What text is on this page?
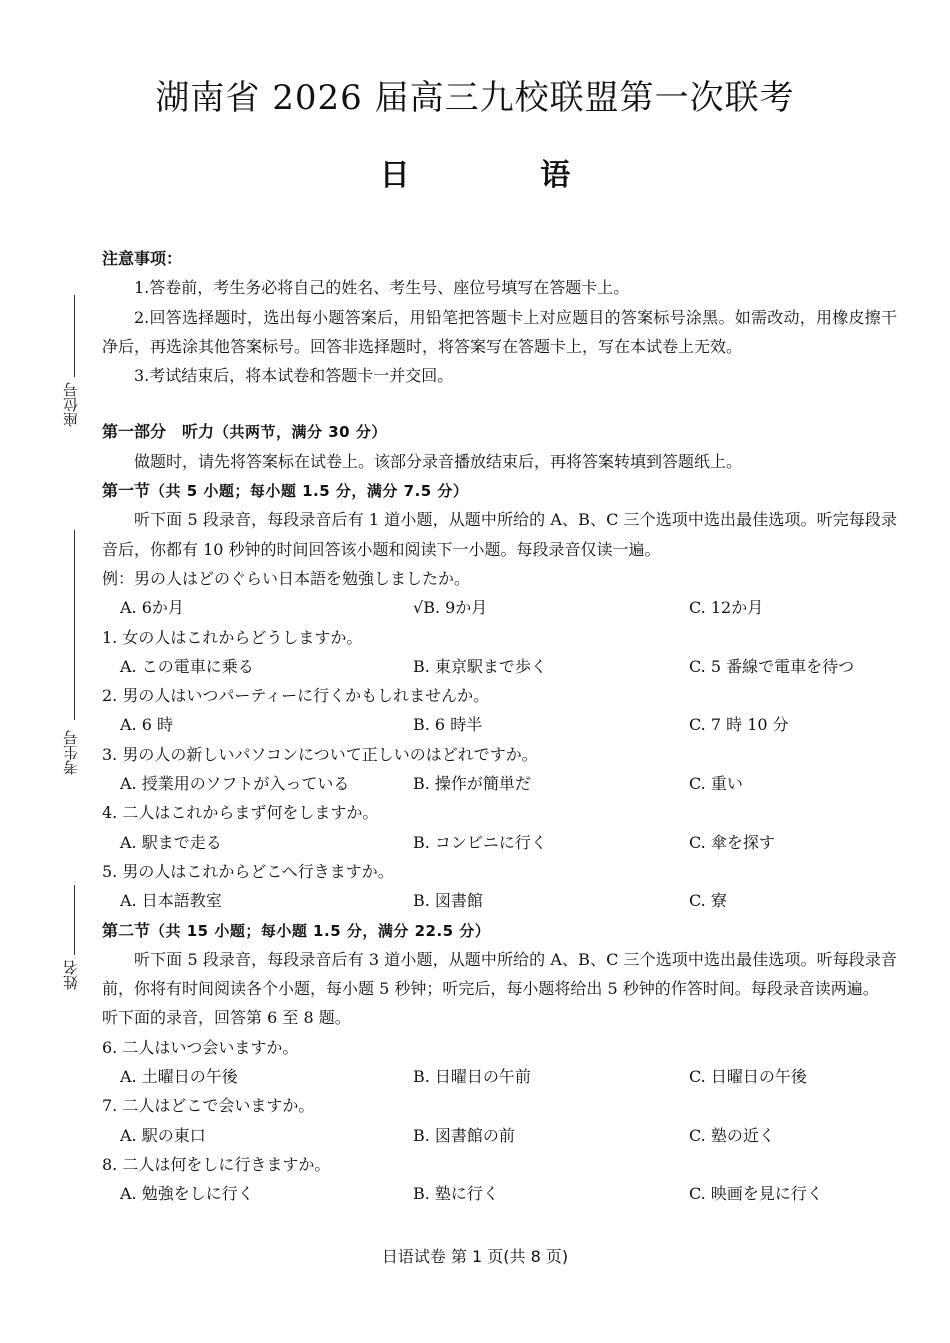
湖南省 2026 届高三九校联盟第一次联考
日 语
座位号
考生号
姓名
注意事项：
1.答卷前，考生务必将自己的姓名、考生号、座位号填写在答题卡上。
2.回答选择题时，选出每小题答案后，用铅笔把答题卡上对应题目的答案标号涂黑。如需改动，用橡皮擦干净后，再选涂其他答案标号。回答非选择题时，将答案写在答题卡上，写在本试卷上无效。
3.考试结束后，将本试卷和答题卡一并交回。
第一部分　听力（共两节，满分 30 分）
做题时，请先将答案标在试卷上。该部分录音播放结束后，再将答案转填到答题纸上。
第一节（共 5 小题；每小题 1.5 分，满分 7.5 分）
听下面 5 段录音，每段录音后有 1 道小题，从题中所给的 A、B、C 三个选项中选出最佳选项。听完每段录音后，你都有 10 秒钟的时间回答该小题和阅读下一小题。每段录音仅读一遍。
例：男の人はどのぐらい日本語を勉強しましたか。
A. 6か月	√B. 9か月	C. 12か月
1. 女の人はこれからどうしますか。
A. この電車に乗る	B. 東京駅まで歩く	C. 5 番線で電車を待つ
2. 男の人はいつパーティーに行くかもしれませんか。
A. 6 時	B. 6 時半	C. 7 時 10 分
3. 男の人の新しいパソコンについて正しいのはどれですか。
A. 授業用のソフトが入っている	B. 操作が簡単だ	C. 重い
4. 二人はこれからまず何をしますか。
A. 駅まで走る	B. コンビニに行く	C. 傘を探す
5. 男の人はこれからどこへ行きますか。
A. 日本語教室	B. 図書館	C. 寮
第二节（共 15 小题；每小题 1.5 分，满分 22.5 分）
听下面 5 段录音，每段录音后有 3 道小题，从题中所给的 A、B、C 三个选项中选出最佳选项。听每段录音前，你将有时间阅读各个小题，每小题 5 秒钟；听完后，每小题将给出 5 秒钟的作答时间。每段录音读两遍。
听下面的录音，回答第 6 至 8 题。
6. 二人はいつ会いますか。
A. 土曜日の午後	B. 日曜日の午前	C. 日曜日の午後
7. 二人はどこで会いますか。
A. 駅の東口	B. 図書館の前	C. 塾の近く
8. 二人は何をしに行きますか。
A. 勉強をしに行く	B. 塾に行く	C. 映画を見に行く
日语试卷 第 1 页(共 8 页)
